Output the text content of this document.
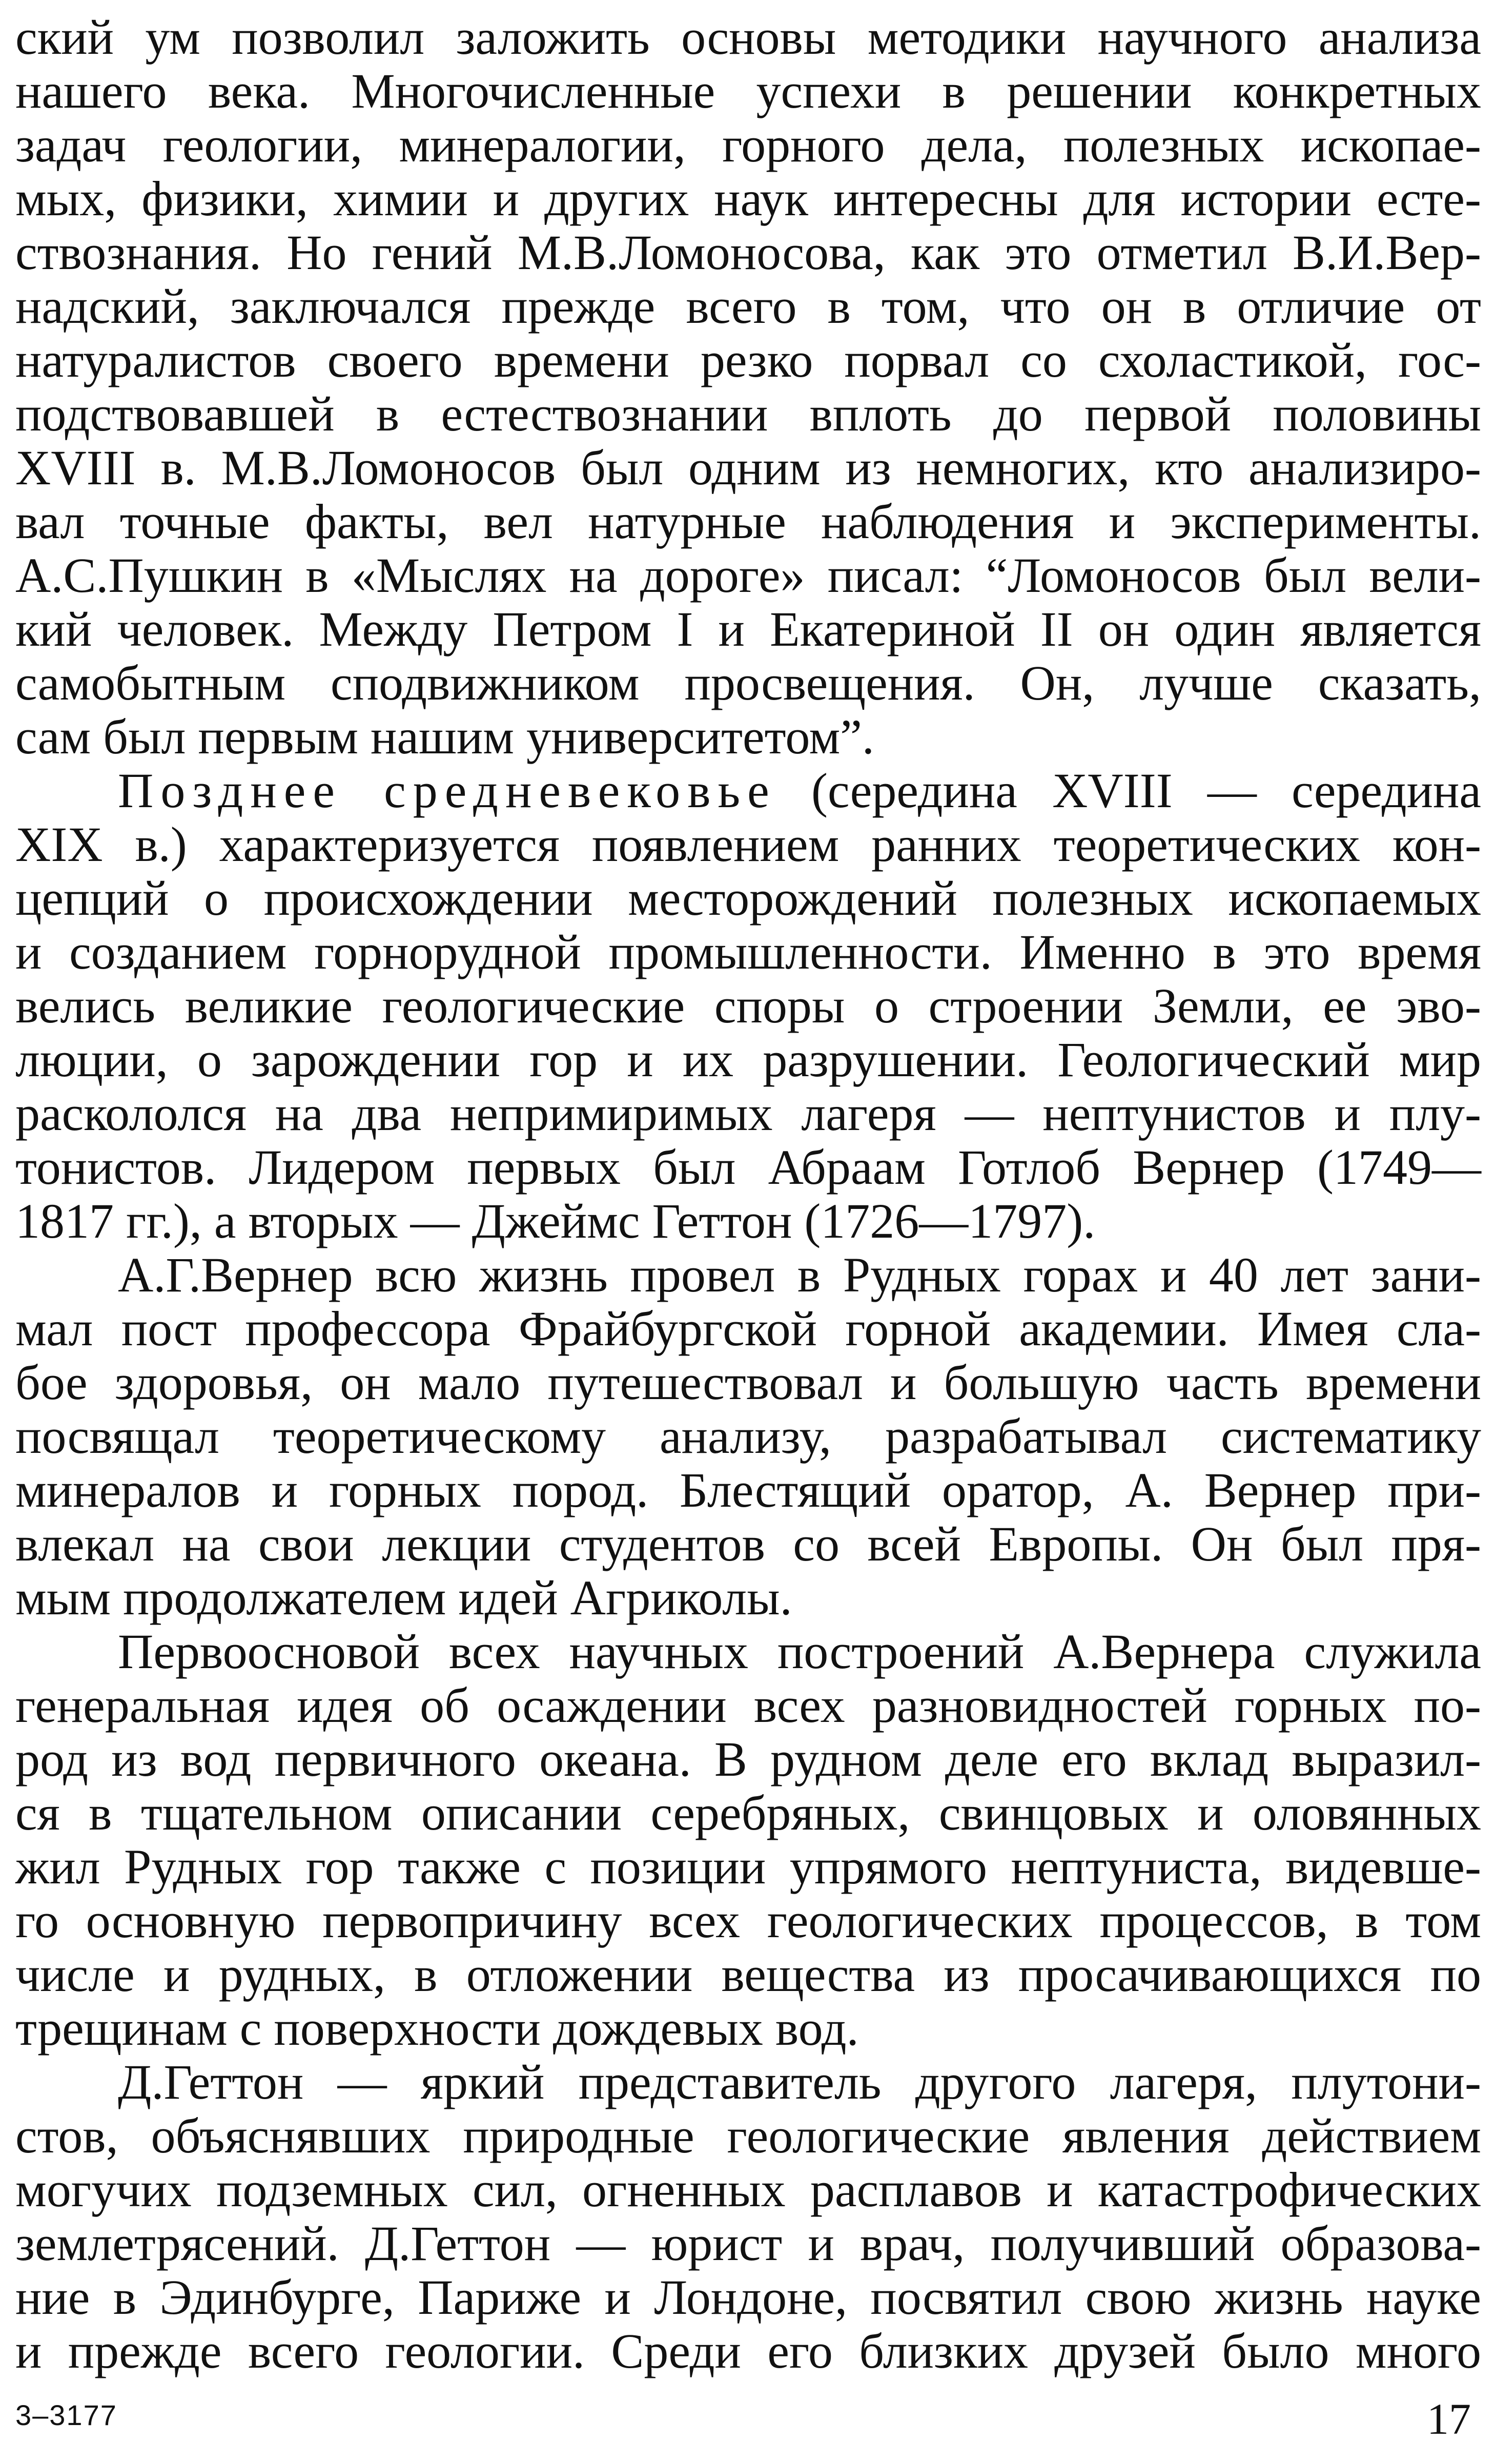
ский ум позволил заложить основы методики научного анализа
нашего века. Многочисленные успехи в решении конкретных
задач геологии, минералогии, горного дела, полезных ископае-
мых, физики, химии и других наук интересны для истории есте-
ствознания. Но гений М.В.Ломоносова, как это отметил В.И.Вер-
надский, заключался прежде всего в том, что он в отличие от
натуралистов своего времени резко порвал со схоластикой, гос-
подствовавшей в естествознании вплоть до первой половины
XVIII в. М.В.Ломоносов был одним из немногих, кто анализиро-
вал точные факты, вел натурные наблюдения и эксперименты.
А.С.Пушкин в «Мыслях на дороге» писал: “Ломоносов был вели-
кий человек. Между Петром I и Екатериной II он один является
самобытным сподвижником просвещения. Он, лучше сказать,
сам был первым нашим университетом”.
Позднее средневековье (середина XVIII — середина
XIX в.) характеризуется появлением ранних теоретических кон-
цепций о происхождении месторождений полезных ископаемых
и созданием горнорудной промышленности. Именно в это время
велись великие геологические споры о строении Земли, ее эво-
люции, о зарождении гор и их разрушении. Геологический мир
раскололся на два непримиримых лагеря — нептунистов и плу-
тонистов. Лидером первых был Абраам Готлоб Вернер (1749—
1817 гг.), а вторых — Джеймс Геттон (1726—1797).
А.Г.Вернер всю жизнь провел в Рудных горах и 40 лет зани-
мал пост профессора Фрайбургской горной академии. Имея сла-
бое здоровья, он мало путешествовал и большую часть времени
посвящал теоретическому анализу, разрабатывал систематику
минералов и горных пород. Блестящий оратор, А. Вернер при-
влекал на свои лекции студентов со всей Европы. Он был пря-
мым продолжателем идей Агриколы.
Первоосновой всех научных построений А.Вернера служила
генеральная идея об осаждении всех разновидностей горных по-
род из вод первичного океана. В рудном деле его вклад выразил-
ся в тщательном описании серебряных, свинцовых и оловянных
жил Рудных гор также с позиции упрямого нептуниста, видевше-
го основную первопричину всех геологических процессов, в том
числе и рудных, в отложении вещества из просачивающихся по
трещинам с поверхности дождевых вод.
Д.Геттон — яркий представитель другого лагеря, плутони-
стов, объяснявших природные геологические явления действием
могучих подземных сил, огненных расплавов и катастрофических
землетрясений. Д.Геттон — юрист и врач, получивший образова-
ние в Эдинбурге, Париже и Лондоне, посвятил свою жизнь науке
и прежде всего геологии. Среди его близких друзей было много
3–3177	17
